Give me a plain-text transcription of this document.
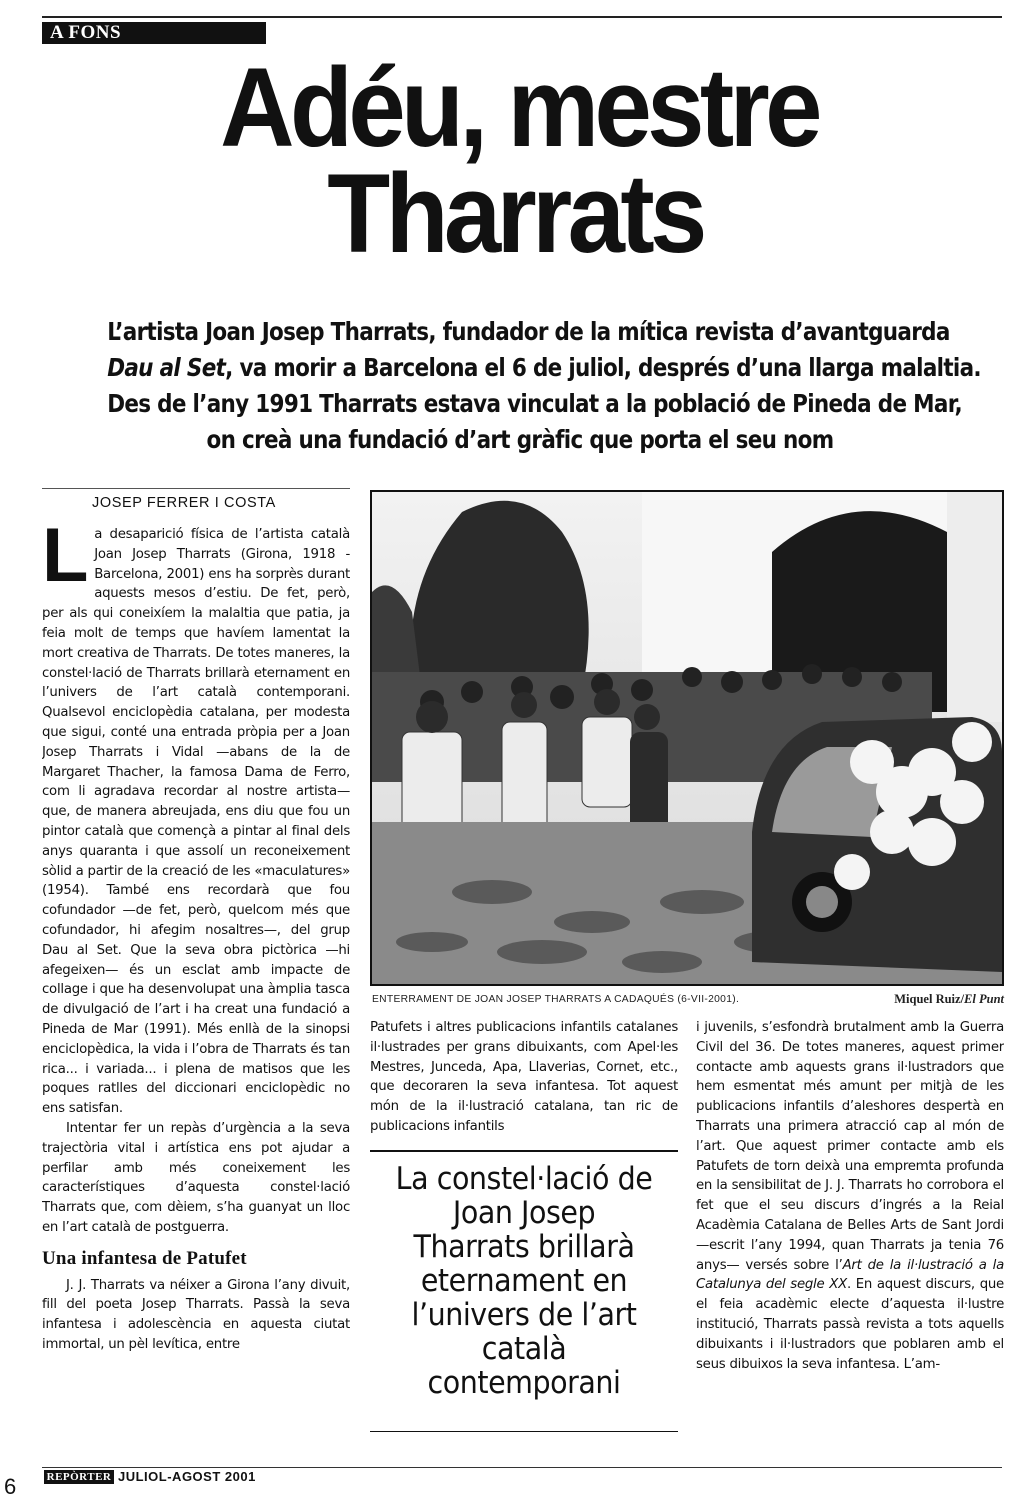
A FONS
Adéu, mestre
Tharrats
L’artista Joan Josep Tharrats, fundador de la mítica revista d’avantguarda
Dau al Set, va morir a Barcelona el 6 de juliol, després d’una llarga malaltia.
Des de l’any 1991 Tharrats estava vinculat a la població de Pineda de Mar,
on creà una fundació d’art gràfic que porta el seu nom
JOSEP FERRER I COSTA

La desaparició física de l’artista català Joan Josep Tharrats (Girona, 1918 - Barcelona, 2001) ens ha sorprès durant aquests mesos d’estiu. De fet, però, per als qui coneixíem la malaltia que patia, ja feia molt de temps que havíem lamentat la mort creativa de Tharrats. De totes maneres, la constel·lació de Tharrats brillarà eternament en l’univers de l’art català contemporani. Qualsevol enciclopèdia catalana, per modesta que sigui, conté una entrada pròpia per a Joan Josep Tharrats i Vidal —abans de la de Margaret Thacher, la famosa Dama de Ferro, com li agradava recordar al nostre artista— que, de manera abreujada, ens diu que fou un pintor català que començà a pintar al final dels anys quaranta i que assolí un reconeixement sòlid a partir de la creació de les «maculatures» (1954). També ens recordarà que fou cofundador —de fet, però, quelcom més que cofundador, hi afegim nosaltres—, del grup Dau al Set. Que la seva obra pictòrica —hi afegeixen— és un esclat amb impacte de collage i que ha desenvolupat una àmplia tasca de divulgació de l’art i ha creat una fundació a Pineda de Mar (1991). Més enllà de la sinopsi enciclopèdica, la vida i l’obra de Tharrats és tan rica... i variada... i plena de matisos que les poques ratlles del diccionari enciclopèdic no ens satisfan.

Intentar fer un repàs d’urgència a la seva trajectòria vital i artística ens pot ajudar a perfilar amb més coneixement les característiques d’aquesta constel·lació Tharrats que, com dèiem, s’ha guanyat un lloc en l’art català de postguerra.

Una infantesa de Patufet

J. J. Tharrats va néixer a Girona l’any divuit, fill del poeta Josep Tharrats. Passà la seva infantesa i adolescència en aquesta ciutat immortal, un pèl levítica, entre

ENTERRAMENT DE JOAN JOSEP THARRATS A CADAQUÉS (6-VII-2001).	Miquel Ruiz/El Punt

Patufets i altres publicacions infantils catalanes il·lustrades per grans dibuixants, com Apel·les Mestres, Junceda, Apa, Llaverias, Cornet, etc., que decoraren la seva infantesa. Tot aquest món de la il·lustració catalana, tan ric de publicacions infantils

La constel·lació de
Joan Josep
Tharrats brillarà
eternament en
l’univers de l’art
català
contemporani

i juvenils, s’esfondrà brutalment amb la Guerra Civil del 36. De totes maneres, aquest primer contacte amb aquests grans il·lustradors que hem esmentat més amunt per mitjà de les publicacions infantils d’aleshores despertà en Tharrats una primera atracció cap al món de l’art. Que aquest primer contacte amb els Patufets de torn deixà una empremta profunda en la sensibilitat de J. J. Tharrats ho corrobora el fet que el seu discurs d’ingrés a la Reial Acadèmia Catalana de Belles Arts de Sant Jordi —escrit l’any 1994, quan Tharrats ja tenia 76 anys— versés sobre l’Art de la il·lustració a la Catalunya del segle XX. En aquest discurs, que el feia acadèmic electe d’aquesta il·lustre institució, Tharrats passà revista a tots aquells dibuixants i il·lustradors que poblaren amb el seus dibuixos la seva infantesa. L’am-

REPÒRTER JULIOL-AGOST 2001
6
